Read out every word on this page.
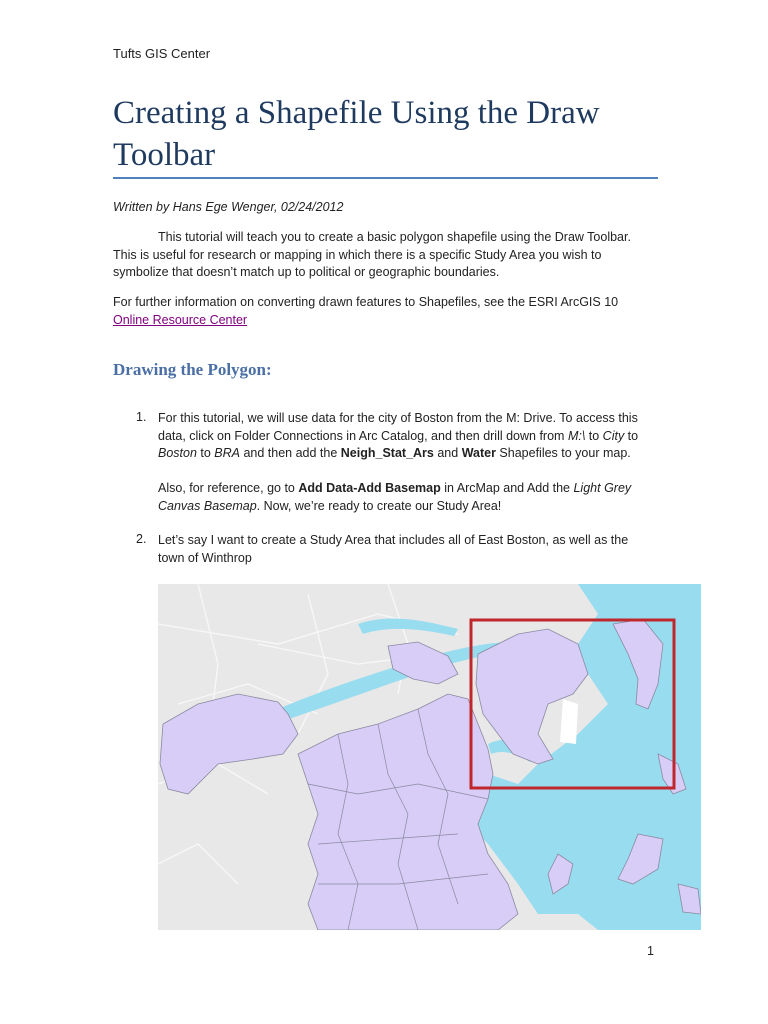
Tufts GIS Center
Creating a Shapefile Using the Draw
Toolbar
Written by Hans Ege Wenger, 02/24/2012
This tutorial will teach you to create a basic polygon shapefile using the Draw Toolbar.
This is useful for research or mapping in which there is a specific Study Area you wish to
symbolize that doesn’t match up to political or geographic boundaries.
For further information on converting drawn features to Shapefiles, see the ESRI ArcGIS 10
Online Resource Center
Drawing the Polygon:
1. For this tutorial, we will use data for the city of Boston from the M: Drive. To access this
data, click on Folder Connections in Arc Catalog, and then drill down from M:\ to City to
Boston to BRA and then add the Neigh_Stat_Ars and Water Shapefiles to your map.
Also, for reference, go to Add Data-Add Basemap in ArcMap and Add the Light Grey
Canvas Basemap. Now, we’re ready to create our Study Area!
2. Let’s say I want to create a Study Area that includes all of East Boston, as well as the
town of Winthrop
1
